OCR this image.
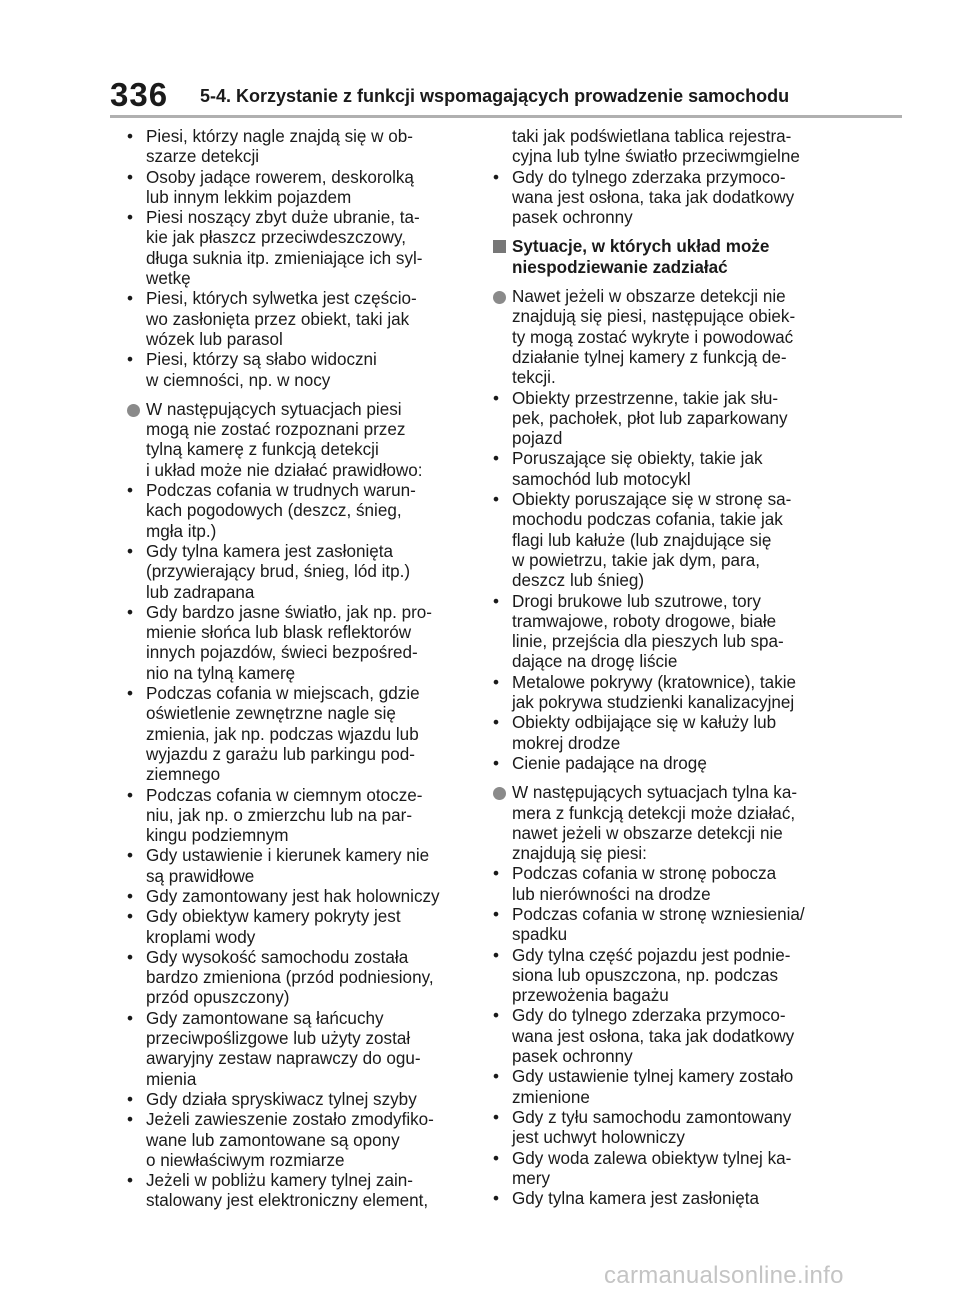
336 5-4. Korzystanie z funkcji wspomagających prowadzenie samochodu
• Piesi, którzy nagle znajdą się w ob-
szarze detekcji
• Osoby jadące rowerem, deskorolką
lub innym lekkim pojazdem
• Piesi noszący zbyt duże ubranie, ta-
kie jak płaszcz przeciwdeszczowy,
długa suknia itp. zmieniające ich syl-
wetkę
• Piesi, których sylwetka jest częścio-
wo zasłonięta przez obiekt, taki jak
wózek lub parasol
• Piesi, którzy są słabo widoczni
w ciemności, np. w nocy
W następujących sytuacjach piesi
mogą nie zostać rozpoznani przez
tylną kamerę z funkcją detekcji
i układ może nie działać prawidłowo:
• Podczas cofania w trudnych warun-
kach pogodowych (deszcz, śnieg,
mgła itp.)
• Gdy tylna kamera jest zasłonięta
(przywierający brud, śnieg, lód itp.)
lub zadrapana
• Gdy bardzo jasne światło, jak np. pro-
mienie słońca lub blask reflektorów
innych pojazdów, świeci bezpośred-
nio na tylną kamerę
• Podczas cofania w miejscach, gdzie
oświetlenie zewnętrzne nagle się
zmienia, jak np. podczas wjazdu lub
wyjazdu z garażu lub parkingu pod-
ziemnego
• Podczas cofania w ciemnym otocze-
niu, jak np. o zmierzchu lub na par-
kingu podziemnym
• Gdy ustawienie i kierunek kamery nie
są prawidłowe
• Gdy zamontowany jest hak holowniczy
• Gdy obiektyw kamery pokryty jest
kroplami wody
• Gdy wysokość samochodu została
bardzo zmieniona (przód podniesiony,
przód opuszczony)
• Gdy zamontowane są łańcuchy
przeciwpoślizgowe lub użyty został
awaryjny zestaw naprawczy do ogu-
mienia
• Gdy działa spryskiwacz tylnej szyby
• Jeżeli zawieszenie zostało zmodyfiko-
wane lub zamontowane są opony
o niewłaściwym rozmiarze
• Jeżeli w pobliżu kamery tylnej zain-
stalowany jest elektroniczny element,
taki jak podświetlana tablica rejestra-
cyjna lub tylne światło przeciwmgielne
• Gdy do tylnego zderzaka przymoco-
wana jest osłona, taka jak dodatkowy
pasek ochronny
Sytuacje, w których układ może
niespodziewanie zadziałać
Nawet jeżeli w obszarze detekcji nie
znajdują się piesi, następujące obiek-
ty mogą zostać wykryte i powodować
działanie tylnej kamery z funkcją de-
tekcji.
• Obiekty przestrzenne, takie jak słu-
pek, pachołek, płot lub zaparkowany
pojazd
• Poruszające się obiekty, takie jak
samochód lub motocykl
• Obiekty poruszające się w stronę sa-
mochodu podczas cofania, takie jak
flagi lub kałuże (lub znajdujące się
w powietrzu, takie jak dym, para,
deszcz lub śnieg)
• Drogi brukowe lub szutrowe, tory
tramwajowe, roboty drogowe, białe
linie, przejścia dla pieszych lub spa-
dające na drogę liście
• Metalowe pokrywy (kratownice), takie
jak pokrywa studzienki kanalizacyjnej
• Obiekty odbijające się w kałuży lub
mokrej drodze
• Cienie padające na drogę
W następujących sytuacjach tylna ka-
mera z funkcją detekcji może działać,
nawet jeżeli w obszarze detekcji nie
znajdują się piesi:
• Podczas cofania w stronę pobocza
lub nierówności na drodze
• Podczas cofania w stronę wzniesienia/
spadku
• Gdy tylna część pojazdu jest podnie-
siona lub opuszczona, np. podczas
przewożenia bagażu
• Gdy do tylnego zderzaka przymoco-
wana jest osłona, taka jak dodatkowy
pasek ochronny
• Gdy ustawienie tylnej kamery zostało
zmienione
• Gdy z tyłu samochodu zamontowany
jest uchwyt holowniczy
• Gdy woda zalewa obiektyw tylnej ka-
mery
• Gdy tylna kamera jest zasłonięta
carmanualsonline.info
